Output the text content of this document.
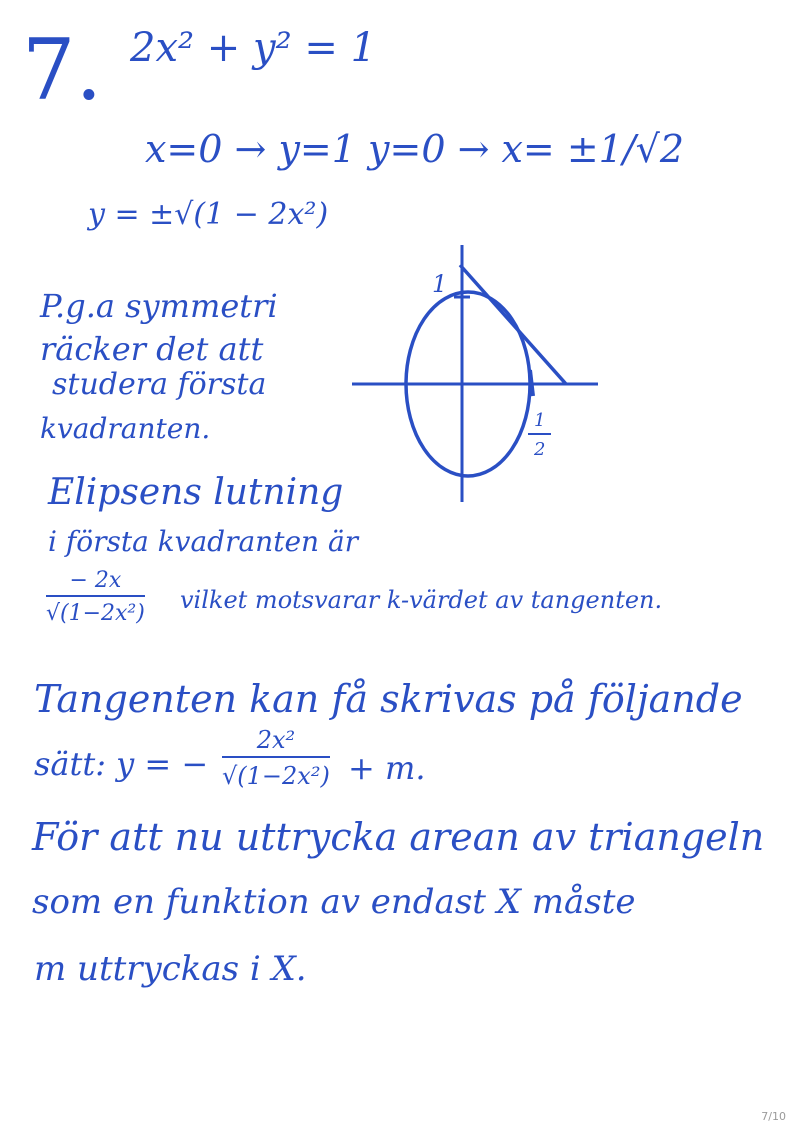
7. 2x² + y² = 1
x=0 → y=1 y=0 → x= ±1/√2
y = ±√(1 − 2x²)
P.g.a symmetri
räcker det att
studera första
kvadranten.
1
$\frac{1}{2}$
Elipsens lutning
i första kvadranten är
$\frac{- 2x}{\text{√(1−2x²)}}$ vilket motsvarar k-värdet av tangenten.
Tangenten kan få skrivas på följande
sätt: y = − $\frac{\text{2x²}}{\text{√(1−2x²)}} + m$.
För att nu uttrycka arean av triangeln
som en funktion av endast X måste
m uttryckas i X.
7/10
